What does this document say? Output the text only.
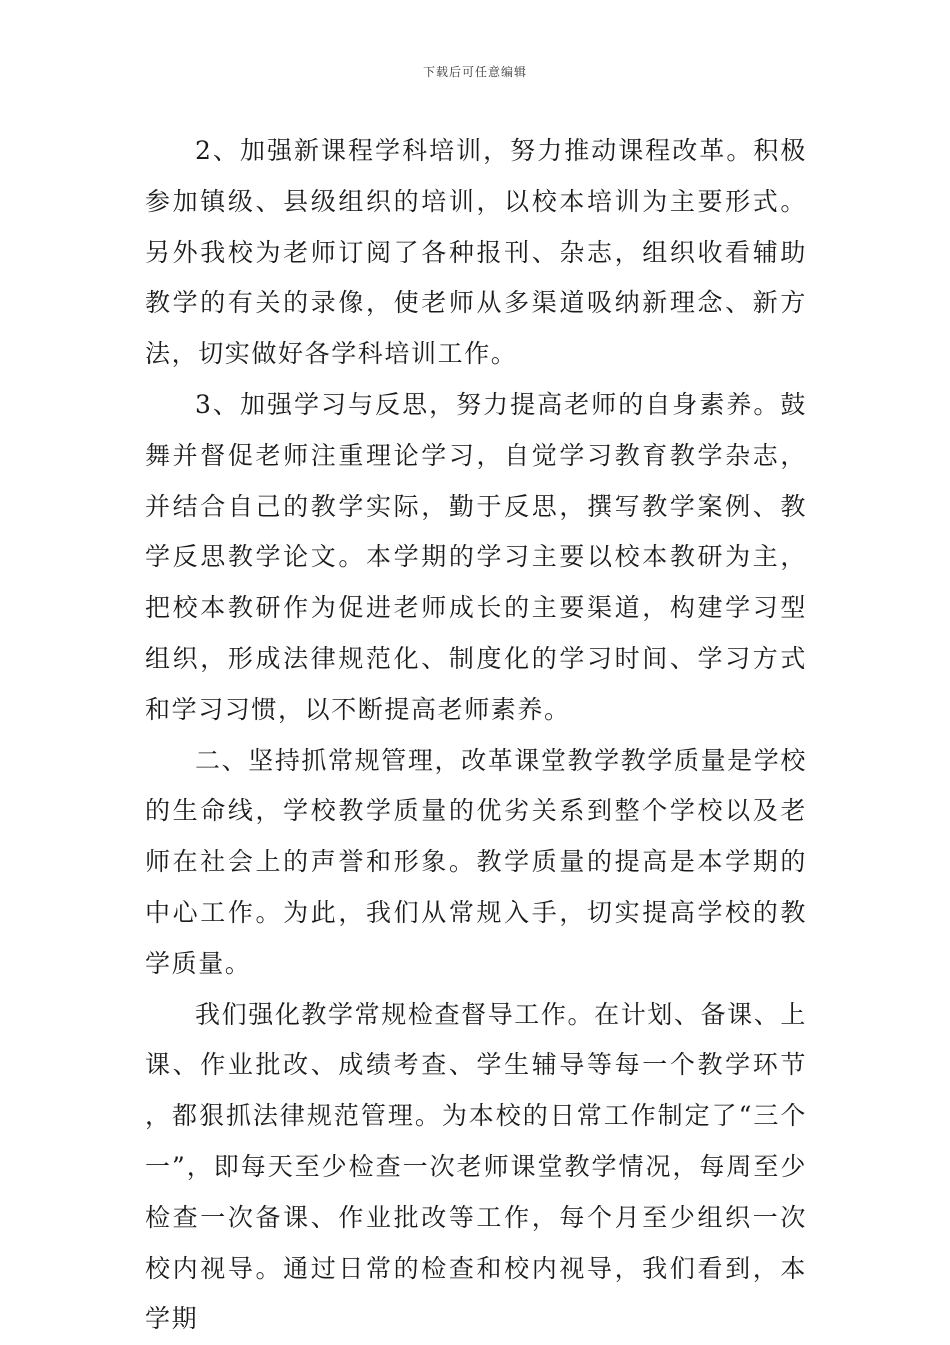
下载后可任意编辑

2、加强新课程学科培训，努力推动课程改革。积极参加镇级、县级组织的培训，以校本培训为主要形式。另外我校为老师订阅了各种报刊、杂志，组织收看辅助教学的有关的录像，使老师从多渠道吸纳新理念、新方法，切实做好各学科培训工作。

3、加强学习与反思，努力提高老师的自身素养。鼓舞并督促老师注重理论学习，自觉学习教育教学杂志，并结合自己的教学实际，勤于反思，撰写教学案例、教学反思教学论文。本学期的学习主要以校本教研为主，把校本教研作为促进老师成长的主要渠道，构建学习型组织，形成法律规范化、制度化的学习时间、学习方式和学习习惯，以不断提高老师素养。

二、坚持抓常规管理，改革课堂教学教学质量是学校的生命线，学校教学质量的优劣关系到整个学校以及老师在社会上的声誉和形象。教学质量的提高是本学期的中心工作。为此，我们从常规入手，切实提高学校的教学质量。

我们强化教学常规检查督导工作。在计划、备课、上课、作业批改、成绩考查、学生辅导等每一个教学环节，都狠抓法律规范管理。为本校的日常工作制定了“三个一”，即每天至少检查一次老师课堂教学情况，每周至少检查一次备课、作业批改等工作，每个月至少组织一次校内视导。通过日常的检查和校内视导，我们看到，本学期
